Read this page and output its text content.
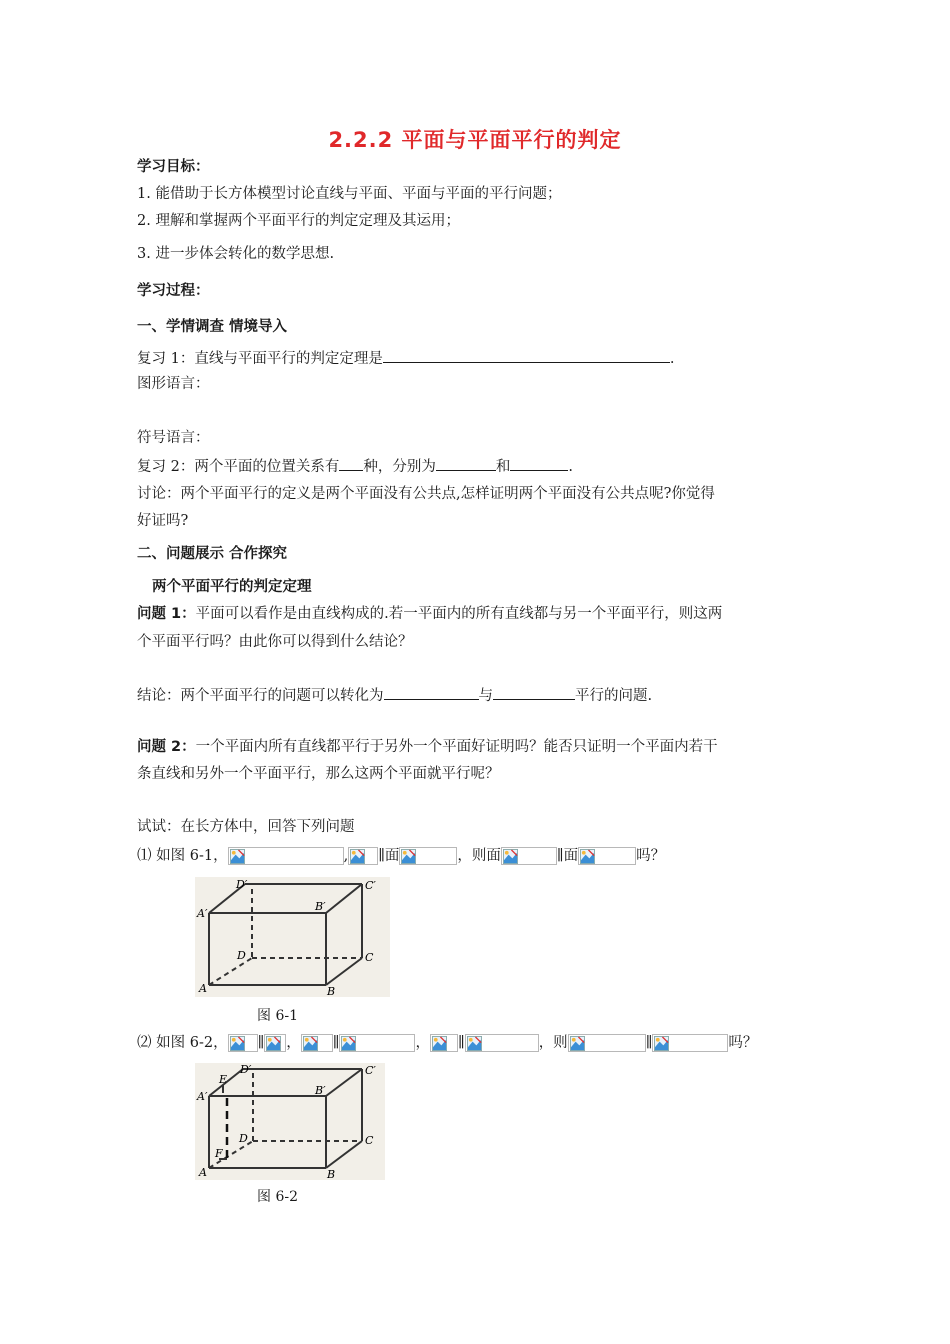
2.2.2 平面与平面平行的判定
学习目标：
1. 能借助于长方体模型讨论直线与平面、平面与平面的平行问题；
2. 理解和掌握两个平面平行的判定定理及其运用；
3. 进一步体会转化的数学思想.
学习过程：
一、学情调查 情境导入
复习 1：直线与平面平行的判定定理是	.
图形语言：
符号语言：
复习 2：两个平面的位置关系有 种，分别为	和	.
讨论：两个平面平行的定义是两个平面没有公共点,怎样证明两个平面没有公共点呢?你觉得
好证吗?
二、问题展示 合作探究
两个平面平行的判定定理
问题 1：平面可以看作是由直线构成的.若一平面内的所有直线都与另一个平面平行，则这两
个平面平行吗？由此你可以得到什么结论？
结论：两个平面平行的问题可以转化为	与	平行的问题.
问题 2：一个平面内所有直线都平行于另外一个平面好证明吗？能否只证明一个平面内若干
条直线和另外一个平面平行，那么这两个平面就平行呢？
试试：在长方体中，回答下列问题
⑴ 如图 6-1，	, ∥面	，则面	∥面	吗？
D′	C′
A′
B′
D	C
A	B
图 6-1
⑵ 如图 6-2， ∥ ， ∥	， ∥	，则	∥	吗？
E
D′	C′
A′	B′
D	C
F
A	B
图 6-2
